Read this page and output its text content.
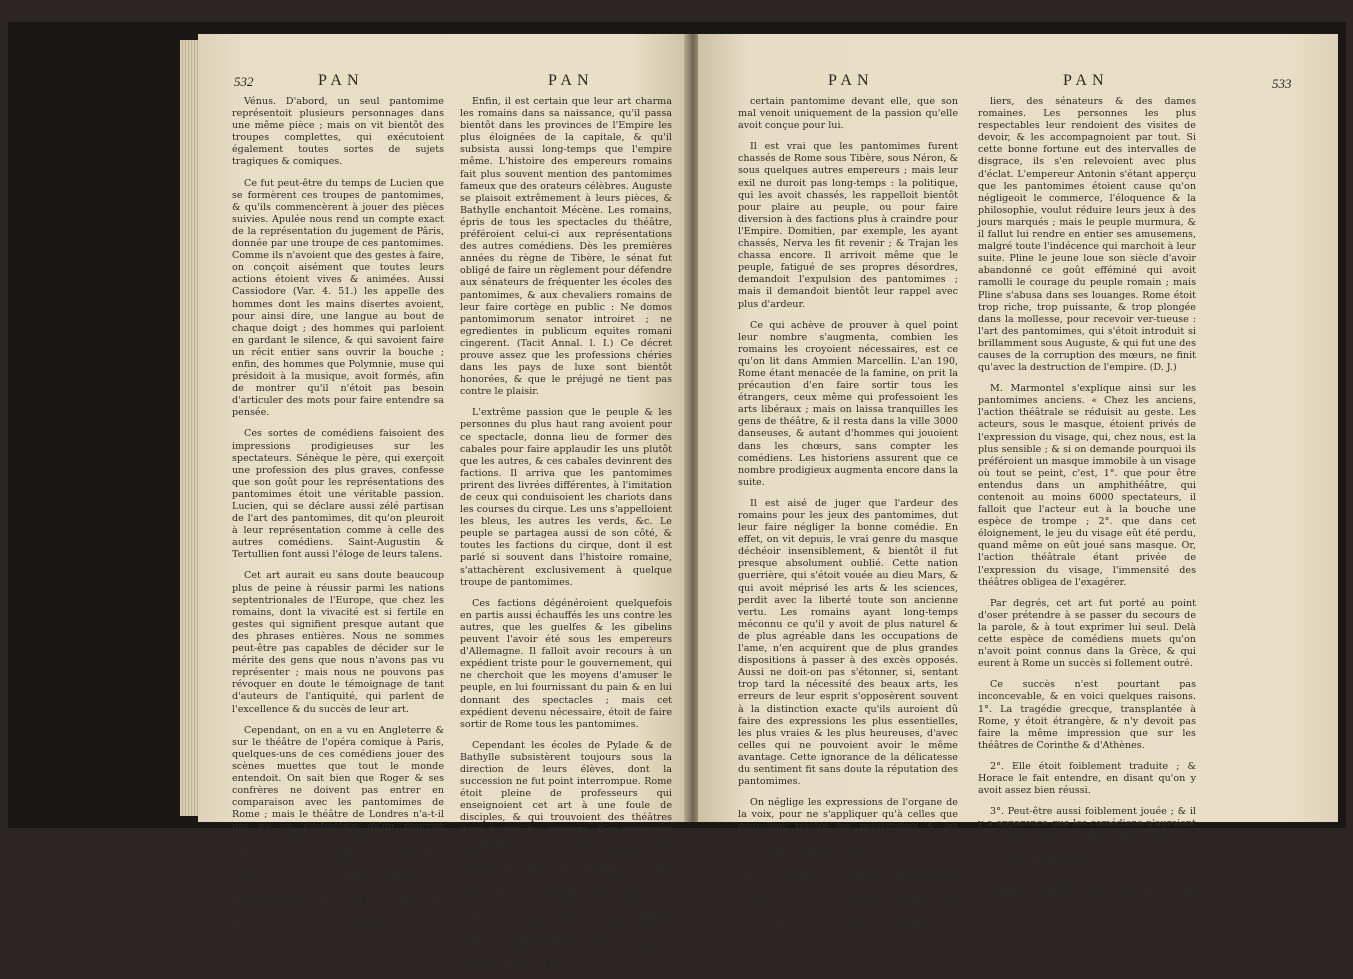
532	PAN	PAN

Vénus. D'abord, un seul pantomime représentoit plusieurs personnages dans une même pièce ; mais on vit bientôt des troupes complettes, qui exécutoient également toutes sortes de sujets tragiques & comiques.

Ce fut peut-être du temps de Lucien que se formèrent ces troupes de pantomimes, & qu'ils commencèrent à jouer des pièces suivies. Apulée nous rend un compte exact de la représentation du jugement de Pâris, donnée par une troupe de ces pantomimes. Comme ils n'avoient que des gestes à faire, on conçoit aisément que toutes leurs actions étoient vives & animées. Aussi Cassiodore (Var. 4. 51.) les appelle des hommes dont les mains disertes avoient, pour ainsi dire, une langue au bout de chaque doigt ; des hommes qui parloient en gardant le silence, & qui savoient faire un récit entier sans ouvrir la bouche ; enfin, des hommes que Polymnie, muse qui présidoit à la musique, avoit formés, afin de montrer qu'il n'étoit pas besoin d'articuler des mots pour faire entendre sa pensée.

Ces sortes de comédiens faisoient des impressions prodigieuses sur les spectateurs. Sénèque le père, qui exerçoit une profession des plus graves, confesse que son goût pour les représentations des pantomimes étoit une véritable passion. Lucien, qui se déclare aussi zélé partisan de l'art des pantomimes, dit qu'on pleuroit à leur représentation comme à celle des autres comédiens. Saint-Augustin & Tertullien font aussi l'éloge de leurs talens.

Cet art aurait eu sans doute beaucoup plus de peine à réussir parmi les nations septentrionales de l'Europe, que chez les romains, dont la vivacité est si fertile en gestes qui signifient presque autant que des phrases entières. Nous ne sommes peut-être pas capables de décider sur le mérite des gens que nous n'avons pas vu représenter ; mais nous ne pouvons pas révoquer en doute le témoignage de tant d'auteurs de l'antiquité, qui parlent de l'excellence & du succès de leur art.

Cependant, on en a vu en Angleterre & sur le théâtre de l'opéra comique à Paris, quelques-uns de ces comédiens jouer des scènes muettes que tout le monde entendoit. On sait bien que Roger & ses confrères ne doivent pas entrer en comparaison avec les pantomimes de Rome ; mais le théâtre de Londres n'a-t-il pas eu un pantomime qu'on pourroit opposer à Pylade & à Bathylle ? Le fameux Garrick étoit un acteur d'autant plus merveilleux, qu'il exécutoit également toutes sortes de sujets tragiques & comiques. Nous savons aussi que les chinois ont des espèces de pantomimes qui jouent chez eux sans parler. Les danses des persans ne sont-elles pas des pantomimes ?

Enfin, il est certain que leur art charma les romains dans sa naissance, qu'il passa bientôt dans les provinces de l'Empire les plus éloignées de la capitale, & qu'il subsista aussi long-temps que l'empire même. L'histoire des empereurs romains fait plus souvent mention des pantomimes fameux que des orateurs célèbres. Auguste se plaisoit extrêmement à leurs pièces, & Bathylle enchantoit Mécène. Les romains, épris de tous les spectacles du théâtre, préféroient celui-ci aux représentations des autres comédiens. Dès les premières années du règne de Tibère, le sénat fut obligé de faire un règlement pour défendre aux sénateurs de fréquenter les écoles des pantomimes, & aux chevaliers romains de leur faire cortège en public : Ne domos pantomimorum senator introiret ; ne egredientes in publicum equites romani cingerent. (Tacit Annal. l. I.) Ce décret prouve assez que les professions chéries dans les pays de luxe sont bientôt honorées, & que le préjugé ne tient pas contre le plaisir.

L'extrême passion que le peuple & les personnes du plus haut rang avoient pour ce spectacle, donna lieu de former des cabales pour faire applaudir les uns plutôt que les autres, & ces cabales devinrent des factions. Il arriva que les pantomimes prirent des livrées différentes, à l'imitation de ceux qui conduisoient les chariots dans les courses du cirque. Les uns s'appelloient les bleus, les autres les verds, &c. Le peuple se partagea aussi de son côté, & toutes les factions du cirque, dont il est parlé si souvent dans l'histoire romaine, s'attachèrent exclusivement à quelque troupe de pantomimes.

Ces factions dégénéroient quelquefois en partis aussi échauffés les uns contre les autres, que les guelfes & les gibelins peuvent l'avoir été sous les empereurs d'Allemagne. Il falloit avoir recours à un expédient triste pour le gouvernement, qui ne cherchoit que les moyens d'amuser le peuple, en lui fournissant du pain & en lui donnant des spectacles ; mais cet expédient devenu nécessaire, étoit de faire sortir de Rome tous les pantomimes.

Cependant les écoles de Pylade & de Bathylle subsistèrent toujours sous la direction de leurs élèves, dont la succession ne fut point interrompue. Rome étoit pleine de professeurs qui enseignoient cet art à une foule de disciples, & qui trouvoient des théâtres dans toutes les maisons. Non-seulement les femmes les recherchoient pour leurs jeux, mais encore par des motifs d'une passion effrénée. Illis feminæ, simulque viri, animas & corpora substituunt, dit Tertullien. Les passages des poètes sont tels sur ce sujet, qu'on n'ose même les citer en latin. Gallien ayant été appellé pour voir une femme de condition attaquée d'une maladie extraordinaire, il découvrit par les altérations qui survinrent dans la malade, quand on parla d'un

PAN	PAN	533

certain pantomime devant elle, que son mal venoit uniquement de la passion qu'elle avoit conçue pour lui.

Il est vrai que les pantomimes furent chassés de Rome sous Tibère, sous Néron, & sous quelques autres empereurs ; mais leur exil ne duroit pas long-temps : la politique, qui les avoit chassés, les rappelloit bientôt pour plaire au peuple, ou pour faire diversion à des factions plus à craindre pour l'Empire. Domitien, par exemple, les ayant chassés, Nerva les fit revenir ; & Trajan les chassa encore. Il arrivoit même que le peuple, fatigué de ses propres désordres, demandoit l'expulsion des pantomimes ; mais il demandoit bientôt leur rappel avec plus d'ardeur.

Ce qui achève de prouver à quel point leur nombre s'augmenta, combien les romains les croyoient nécessaires, est ce qu'on lit dans Ammien Marcellin. L'an 190, Rome étant menacée de la famine, on prit la précaution d'en faire sortir tous les étrangers, ceux même qui professoient les arts libéraux ; mais on laissa tranquilles les gens de théâtre, & il resta dans la ville 3000 danseuses, & autant d'hommes qui jouoient dans les chœurs, sans compter les comédiens. Les historiens assurent que ce nombre prodigieux augmenta encore dans la suite.

Il est aisé de juger que l'ardeur des romains pour les jeux des pantomimes, dut leur faire négliger la bonne comédie. En effet, on vit depuis, le vrai genre du masque déchéoir insensiblement, & bientôt il fut presque absolument oublié. Cette nation guerrière, qui s'étoit vouée au dieu Mars, & qui avoit méprisé les arts & les sciences, perdit avec la liberté toute son ancienne vertu. Les romains ayant long-temps méconnu ce qu'il y avoit de plus naturel & de plus agréable dans les occupations de l'ame, n'en acquirent que de plus grandes dispositions à passer à des excès opposés. Aussi ne doit-on pas s'étonner, si, sentant trop tard la nécessité des beaux arts, les erreurs de leur esprit s'opposèrent souvent à la distinction exacte qu'ils auroient dû faire des expressions les plus essentielles, les plus vraies & les plus heureuses, d'avec celles qui ne pouvoient avoir le même avantage. Cette ignorance de la délicatesse du sentiment fit sans doute la réputation des pantomimes.

On néglige les expressions de l'organe de la voix, pour ne s'appliquer qu'à celles que pouvoient rendre les mouvemens & les gestes du corps. Ces expressions, qui ne pouvoient admettre toutes les nuances de celles des sons, & avec lesquelles on n'eût jamais inventé les sciences spéculatives, firent sous les empereurs une partie de l'éducation de la jeunesse romaine. Les maîtres de cet art frivole recevoient, comme je l'ai dit, des attentions très-marquées du peuple, des cheva-

liers, des sénateurs & des dames romaines. Les personnes les plus respectables leur rendoient des visites de devoir, & les accompagnoient par tout. Si cette bonne fortune eut des intervalles de disgrace, ils s'en relevoient avec plus d'éclat. L'empereur Antonin s'étant apperçu que les pantomimes étoient cause qu'on négligeoit le commerce, l'éloquence & la philosophie, voulut réduire leurs jeux à des jours marqués ; mais le peuple murmura, & il fallut lui rendre en entier ses amusemens, malgré toute l'indécence qui marchoit à leur suite. Pline le jeune loue son siècle d'avoir abandonné ce goût efféminé qui avoit ramolli le courage du peuple romain ; mais Pline s'abusa dans ses louanges. Rome étoit trop riche, trop puissante, & trop plongée dans la mollesse, pour recevoir ver-tueuse : l'art des pantomimes, qui s'étoit introduit si brillamment sous Auguste, & qui fut une des causes de la corruption des mœurs, ne finit qu'avec la destruction de l'empire. (D. J.)

M. Marmontel s'explique ainsi sur les pantomimes anciens. « Chez les anciens, l'action théâtrale se réduisit au geste. Les acteurs, sous le masque, étoient privés de l'expression du visage, qui, chez nous, est la plus sensible ; & si on demande pourquoi ils préféroient un masque immobile à un visage où tout se peint, c'est, 1°. que pour être entendus dans un amphithéâtre, qui contenoit au moins 6000 spectateurs, il falloit que l'acteur eut à la bouche une espèce de trompe ; 2°. que dans cet éloignement, le jeu du visage eût été perdu, quand même on eût joué sans masque. Or, l'action théâtrale étant privée de l'expression du visage, l'immensité des théâtres obligea de l'exagérer.

Par degrés, cet art fut porté au point d'oser prétendre à se passer du secours de la parole, & à tout exprimer lui seul. Delà cette espèce de comédiens muets qu'on n'avoit point connus dans la Grèce, & qui eurent à Rome un succès si follement outré.

Ce succès n'est pourtant pas inconcevable, & en voici quelques raisons. 1°. La tragédie grecque, transplantée à Rome, y étoit étrangère, & n'y devoit pas faire la même impression que sur les théâtres de Corinthe & d'Athènes.

2°. Elle étoit foiblement traduite ; & Horace le fait entendre, en disant qu'on y avoit assez bien réussi.

3°. Peut-être aussi foiblement jouée ; & il y a apparence que les comédiens n'auroient pas été chassés de Rome par les pantomimes, s'ils avoient tous été des Æsopus & des Roscius.

4°. Les romains n'étoient pas un peuple sensible, comme les grecs, aux plaisirs de l'esprit & de l'ame :
